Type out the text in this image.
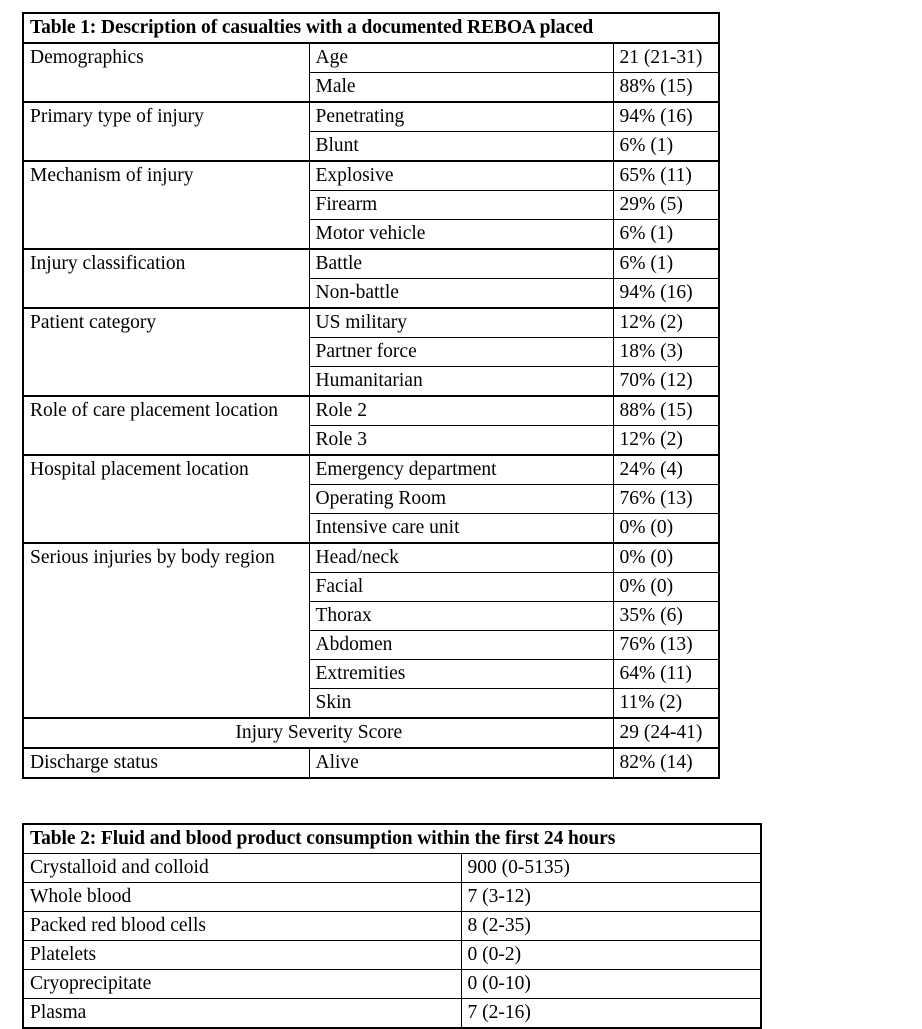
Table 1: Description of casualties with a documented REBOA placed		
Demographics	Age	21 (21-31)
	Male	88% (15)
Primary type of injury	Penetrating	94% (16)
	Blunt	6% (1)
Mechanism of injury	Explosive	65% (11)
	Firearm	29% (5)
	Motor vehicle	6% (1)
Injury classification	Battle	6% (1)
	Non-battle	94% (16)
Patient category	US military	12% (2)
	Partner force	18% (3)
	Humanitarian	70% (12)
Role of care placement location	Role 2	88% (15)
	Role 3	12% (2)
Hospital placement location	Emergency department	24% (4)
	Operating Room	76% (13)
	Intensive care unit	0% (0)
Serious injuries by body region	Head/neck	0% (0)
	Facial	0% (0)
	Thorax	35% (6)
	Abdomen	76% (13)
	Extremities	64% (11)
	Skin	11% (2)
Injury Severity Score		29 (24-41)
Discharge status	Alive	82% (14)
Table 2: Fluid and blood product consumption within the first 24 hours	
Crystalloid and colloid	900 (0-5135)
Whole blood	7 (3-12)
Packed red blood cells	8 (2-35)
Platelets	0 (0-2)
Cryoprecipitate	0 (0-10)
Plasma	7 (2-16)
